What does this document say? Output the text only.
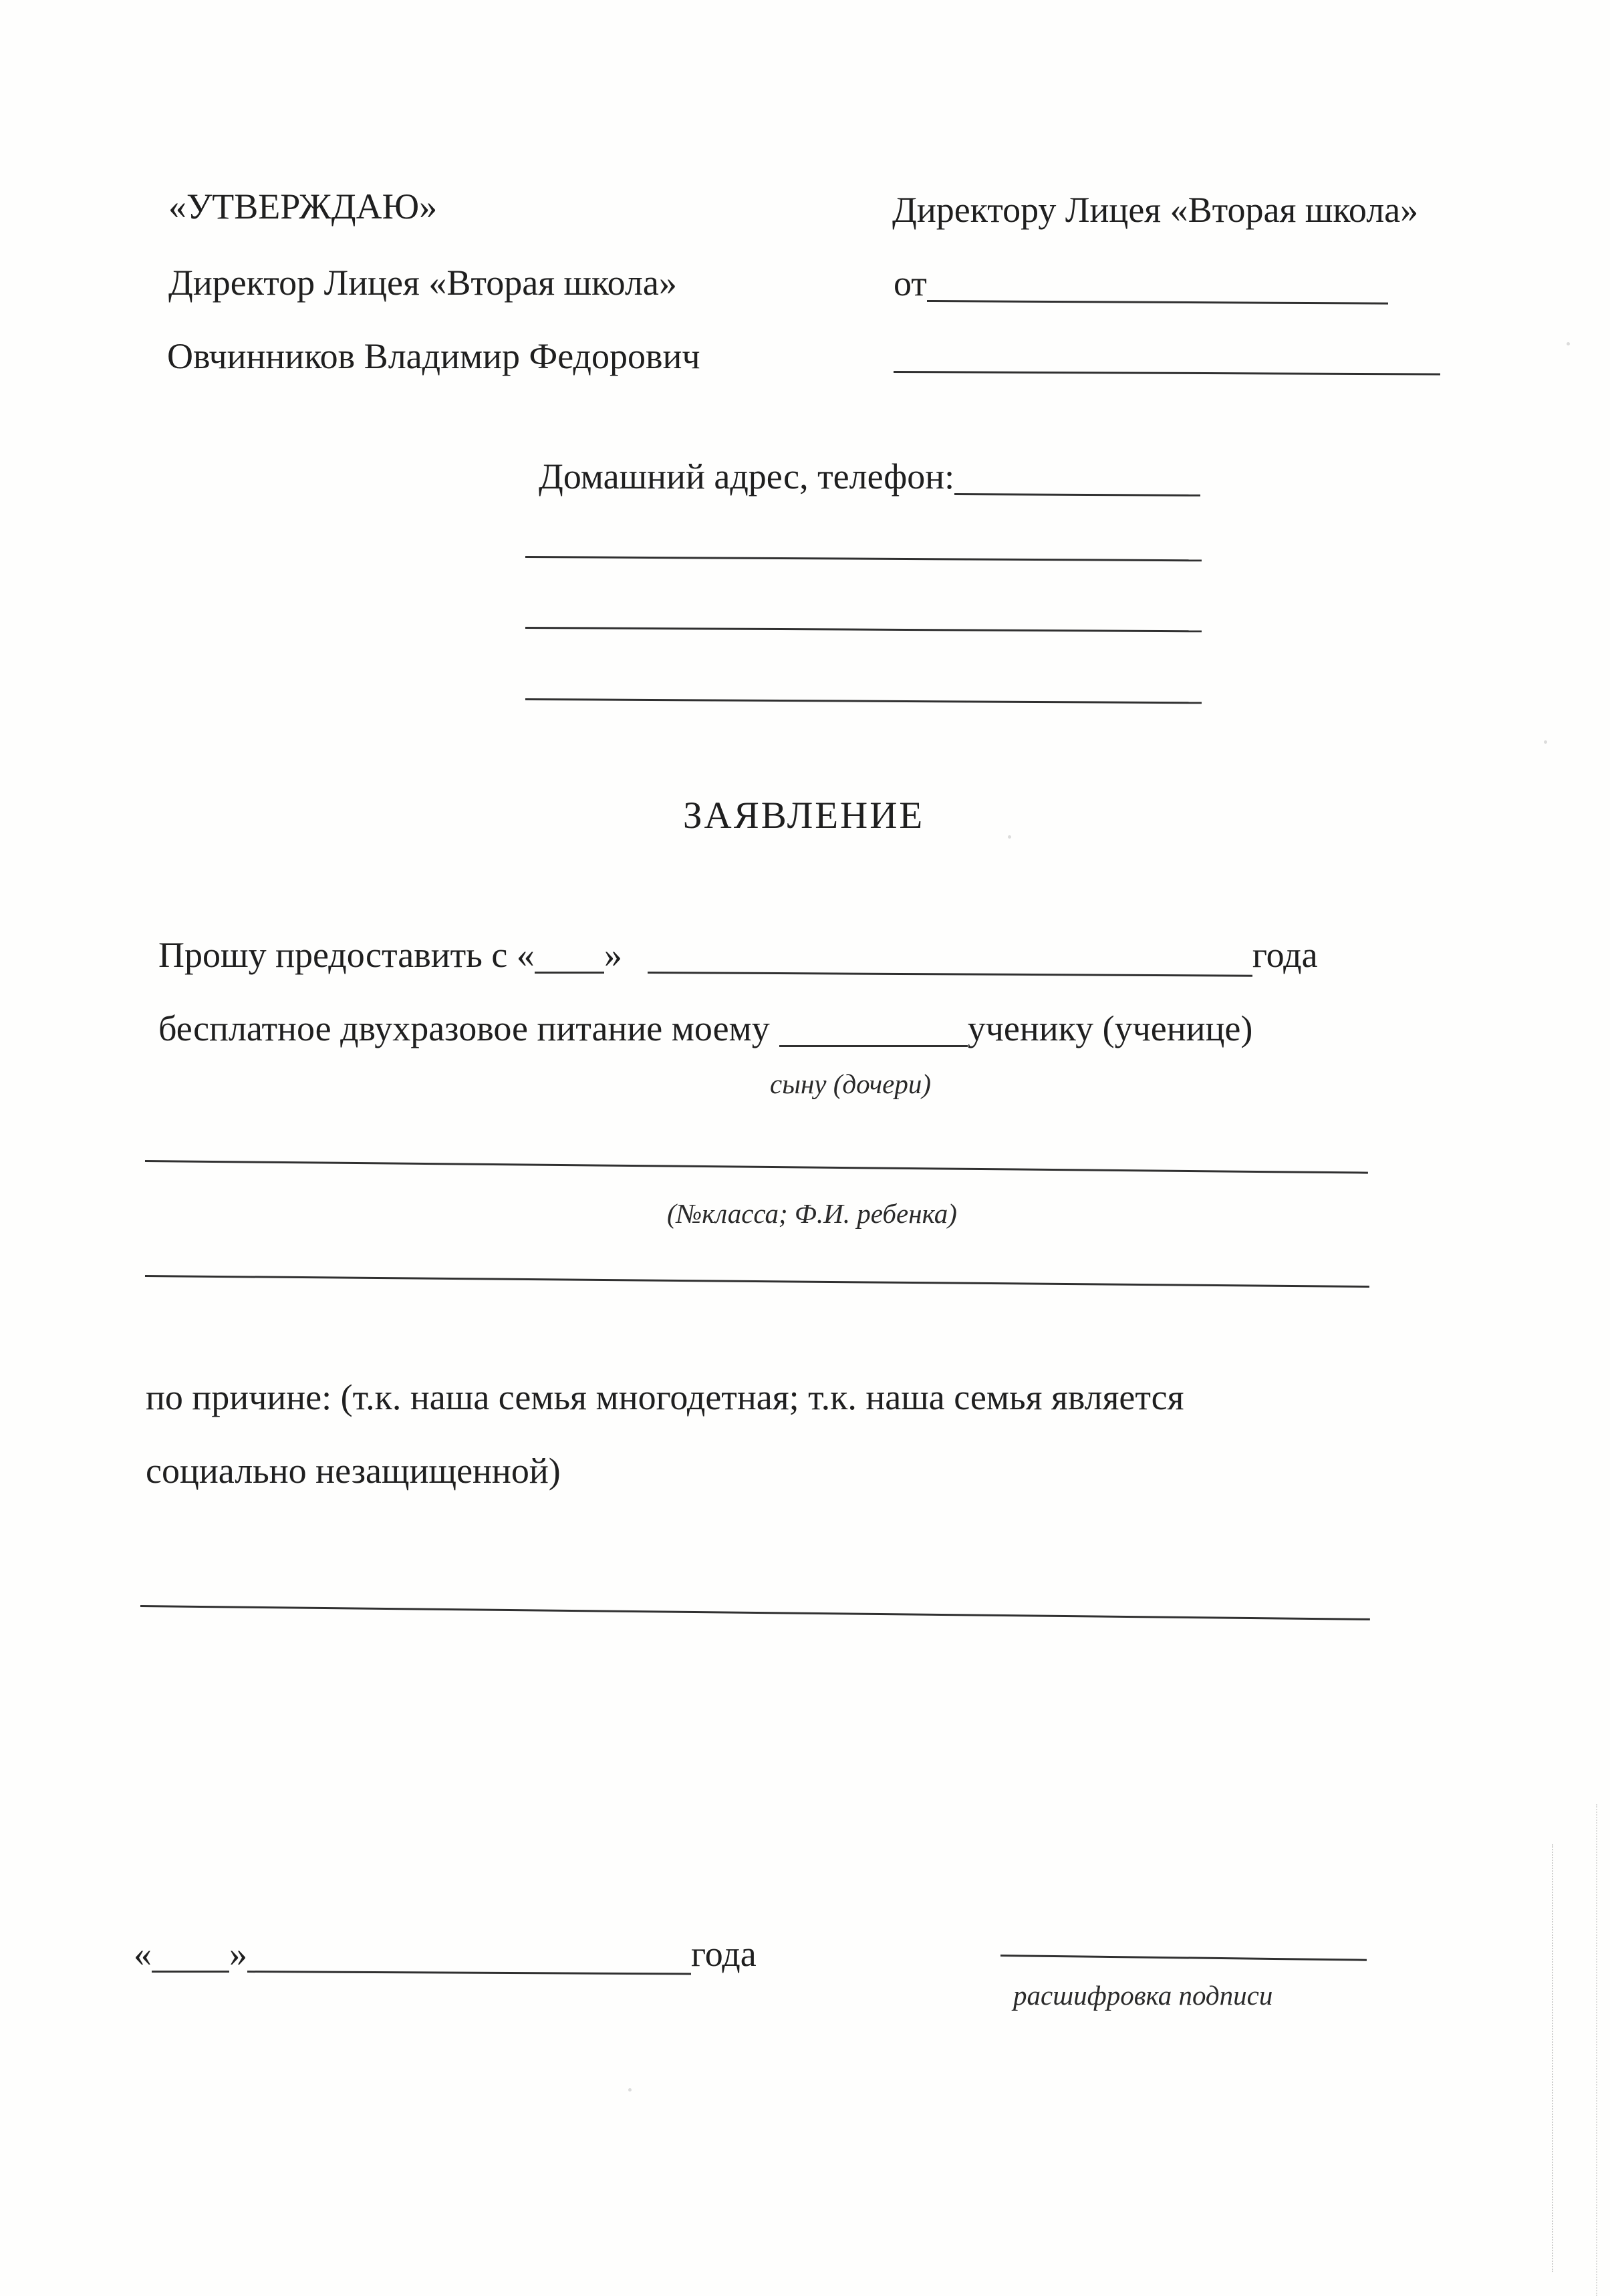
«УТВЕРЖДАЮ»
Директор Лицея «Вторая школа»
Овчинников Владимир Федорович
Директору Лицея «Вторая школа»
от
Домашний адрес, телефон:
ЗАЯВЛЕНИЕ
Прошу предоставить с « »	года
бесплатное двухразовое питание моему	ученику (ученице)
сыну (дочери)
(№класса; Ф.И. ребенка)
по причине: (т.к. наша семья многодетная; т.к. наша семья является
социально незащищенной)
« »	года
расшифровка подписи
